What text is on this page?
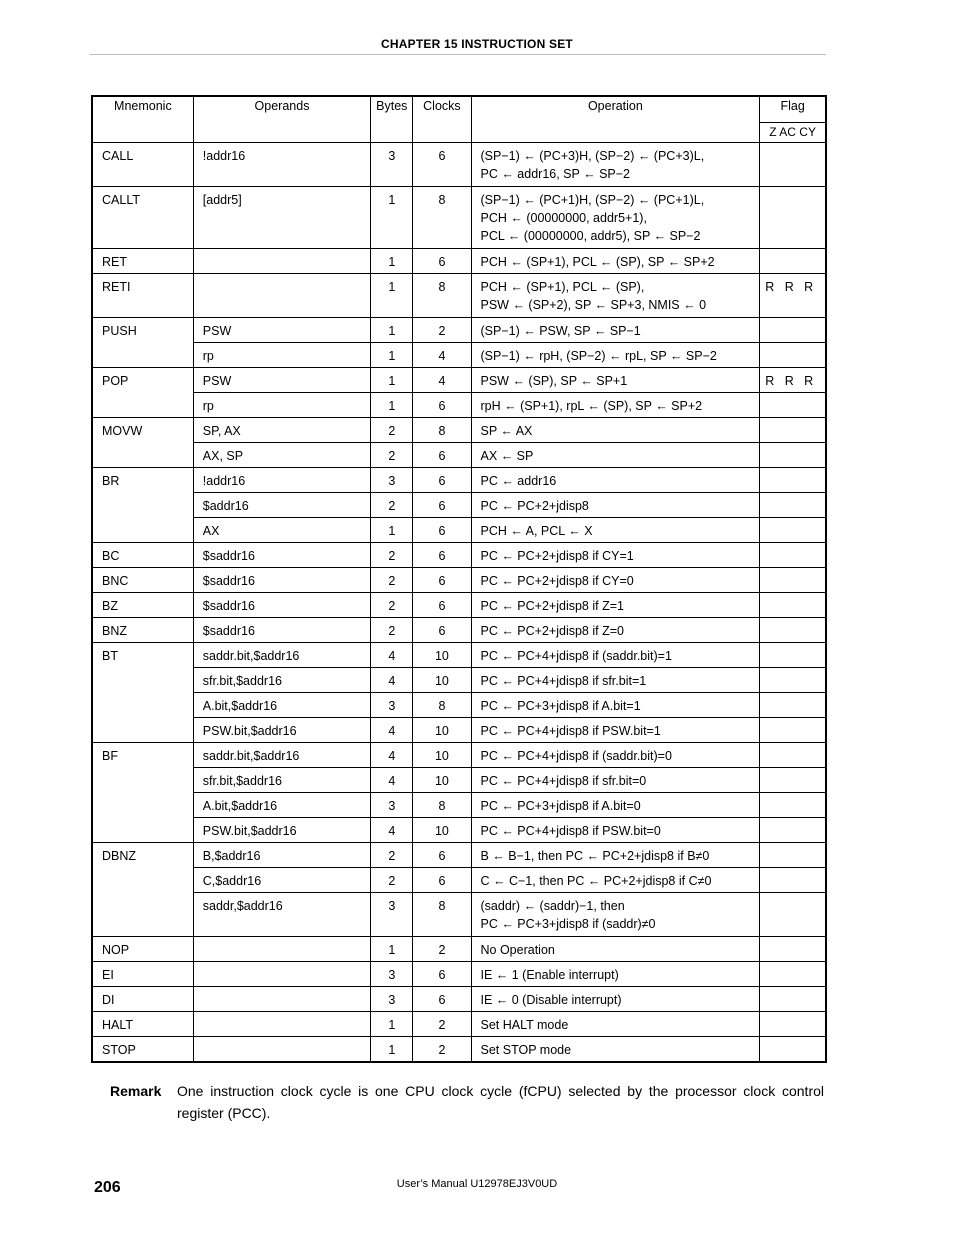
CHAPTER 15 INSTRUCTION SET
Mnemonic	Operands	Bytes	Clocks	Operation	Flag
					Z AC CY
CALL	!addr16	3	6	(SP−1) ← (PC+3)H, (SP−2) ← (PC+3)L,
PC ← addr16, SP ← SP−2	

CALLT	[addr5]	1	8	(SP−1) ← (PC+1)H, (SP−2) ← (PC+1)L,
PCH ← (00000000, addr5+1),
PCL ← (00000000, addr5), SP ← SP−2	

RET		1	6	PCH ← (SP+1), PCL ← (SP), SP ← SP+2	

RETI		1	8	PCH ← (SP+1), PCL ← (SP),
PSW ← (SP+2), SP ← SP+3, NMIS ← 0	R   R   R
PUSH	PSW	1	2	(SP−1) ← PSW, SP ← SP−1	

	rp	1	4	(SP−1) ← rpH, (SP−2) ← rpL, SP ← SP−2	

POP	PSW	1	4	PSW ← (SP), SP ← SP+1	R   R   R
	rp	1	6	rpH ← (SP+1), rpL ← (SP), SP ← SP+2	

MOVW	SP, AX	2	8	SP ← AX	

	AX, SP	2	6	AX ← SP	

BR	!addr16	3	6	PC ← addr16	

	$addr16	2	6	PC ← PC+2+jdisp8	

	AX	1	6	PCH ← A, PCL ← X	

BC	$saddr16	2	6	PC ← PC+2+jdisp8 if CY=1	

BNC	$saddr16	2	6	PC ← PC+2+jdisp8 if CY=0	

BZ	$saddr16	2	6	PC ← PC+2+jdisp8 if Z=1	

BNZ	$saddr16	2	6	PC ← PC+2+jdisp8 if Z=0	

BT	saddr.bit,$addr16	4	10	PC ← PC+4+jdisp8 if (saddr.bit)=1	

	sfr.bit,$addr16	4	10	PC ← PC+4+jdisp8 if sfr.bit=1	

	A.bit,$addr16	3	8	PC ← PC+3+jdisp8 if A.bit=1	

	PSW.bit,$addr16	4	10	PC ← PC+4+jdisp8 if PSW.bit=1	

BF	saddr.bit,$addr16	4	10	PC ← PC+4+jdisp8 if (saddr.bit)=0	

	sfr.bit,$addr16	4	10	PC ← PC+4+jdisp8 if sfr.bit=0	

	A.bit,$addr16	3	8	PC ← PC+3+jdisp8 if A.bit=0	

	PSW.bit,$addr16	4	10	PC ← PC+4+jdisp8 if PSW.bit=0	

DBNZ	B,$addr16	2	6	B ← B−1, then PC ← PC+2+jdisp8 if B≠0	

	C,$addr16	2	6	C ← C−1, then PC ← PC+2+jdisp8 if C≠0	

	saddr,$addr16	3	8	(saddr) ← (saddr)−1, then
PC ← PC+3+jdisp8 if (saddr)≠0	

NOP		1	2	No Operation	

EI		3	6	IE ← 1 (Enable interrupt)	

DI		3	6	IE ← 0 (Disable interrupt)	

HALT		1	2	Set HALT mode	

STOP		1	2	Set STOP mode	

Remark One instruction clock cycle is one CPU clock cycle (fCPU) selected by the processor clock control register (PCC).
206	User’s Manual U12978EJ3V0UD
